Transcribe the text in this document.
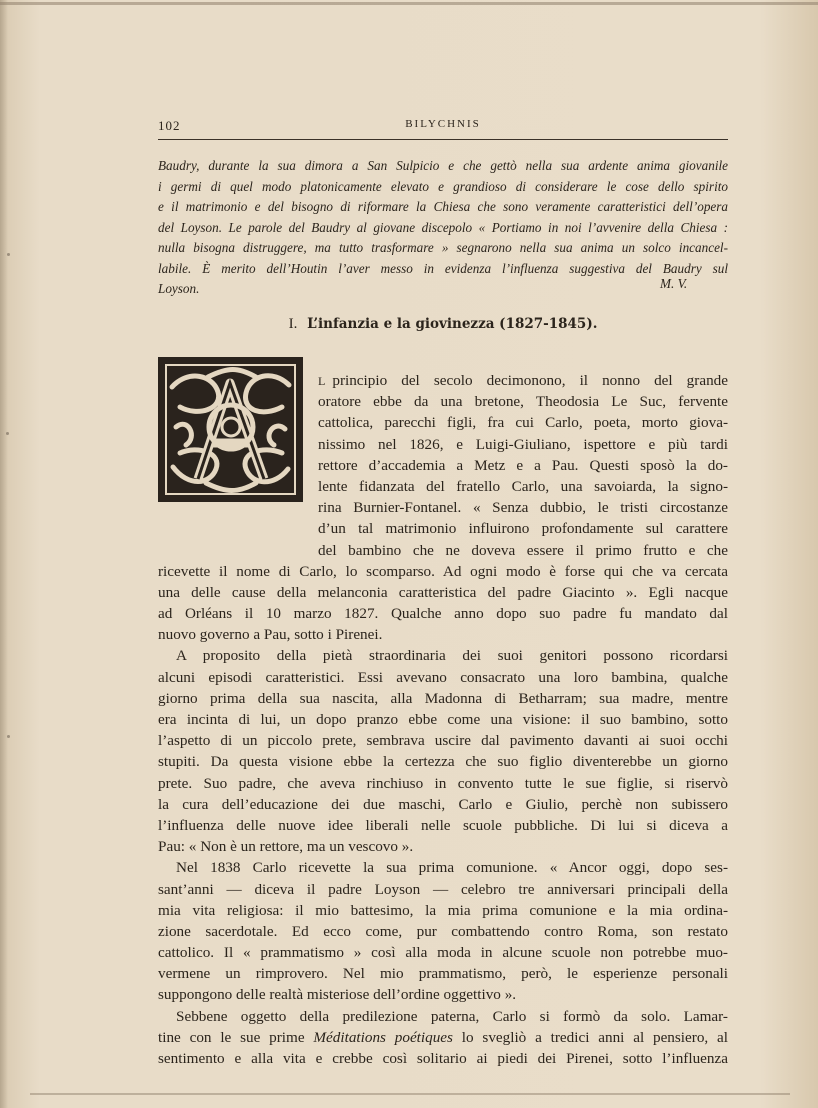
102	BILYCHNIS
Baudry, durante la sua dimora a San Sulpicio e che gettò nella sua ardente anima giovanile
i germi di quel modo platonicamente elevato e grandioso di considerare le cose dello spirito
e il matrimonio e del bisogno di riformare la Chiesa che sono veramente caratteristici dell’opera
del Loyson. Le parole del Baudry al giovane discepolo « Portiamo in noi l’avvenire della Chiesa :
nulla bisogna distruggere, ma tutto trasformare » segnarono nella sua anima un solco incancel-
labile. È merito dell’Houtin l’aver messo in evidenza l’influenza suggestiva del Baudry sul
Loyson.	M. V.
I. L’infanzia e la giovinezza (1827-1845).
L principio del secolo decimonono, il nonno del grande
oratore ebbe da una bretone, Theodosia Le Suc, fervente
cattolica, parecchi figli, fra cui Carlo, poeta, morto giova-
nissimo nel 1826, e Luigi-Giuliano, ispettore e più tardi
rettore d’accademia a Metz e a Pau. Questi sposò la do-
lente fidanzata del fratello Carlo, una savoiarda, la signo-
rina Burnier-Fontanel. « Senza dubbio, le tristi circostanze
d’un tal matrimonio influirono profondamente sul carattere
del bambino che ne doveva essere il primo frutto e che
ricevette il nome di Carlo, lo scomparso. Ad ogni modo è forse qui che va cercata
una delle cause della melanconia caratteristica del padre Giacinto ». Egli nacque
ad Orléans il 10 marzo 1827. Qualche anno dopo suo padre fu mandato dal
nuovo governo a Pau, sotto i Pirenei.
A proposito della pietà straordinaria dei suoi genitori possono ricordarsi
alcuni episodi caratteristici. Essi avevano consacrato una loro bambina, qualche
giorno prima della sua nascita, alla Madonna di Betharram; sua madre, mentre
era incinta di lui, un dopo pranzo ebbe come una visione: il suo bambino, sotto
l’aspetto di un piccolo prete, sembrava uscire dal pavimento davanti ai suoi occhi
stupiti. Da questa visione ebbe la certezza che suo figlio diventerebbe un giorno
prete. Suo padre, che aveva rinchiuso in convento tutte le sue figlie, si riservò
la cura dell’educazione dei due maschi, Carlo e Giulio, perchè non subissero
l’influenza delle nuove idee liberali nelle scuole pubbliche. Di lui si diceva a
Pau: « Non è un rettore, ma un vescovo ».
Nel 1838 Carlo ricevette la sua prima comunione. « Ancor oggi, dopo ses-
sant’anni — diceva il padre Loyson — celebro tre anniversari principali della
mia vita religiosa: il mio battesimo, la mia prima comunione e la mia ordina-
zione sacerdotale. Ed ecco come, pur combattendo contro Roma, son restato
cattolico. Il « prammatismo » così alla moda in alcune scuole non potrebbe muo-
vermene un rimprovero. Nel mio prammatismo, però, le esperienze personali
suppongono delle realtà misteriose dell’ordine oggettivo ».
Sebbene oggetto della predilezione paterna, Carlo si formò da solo. Lamar-
tine con le sue prime Méditations poétiques lo svegliò a tredici anni al pensiero, al
sentimento e alla vita e crebbe così solitario ai piedi dei Pirenei, sotto l’influenza
